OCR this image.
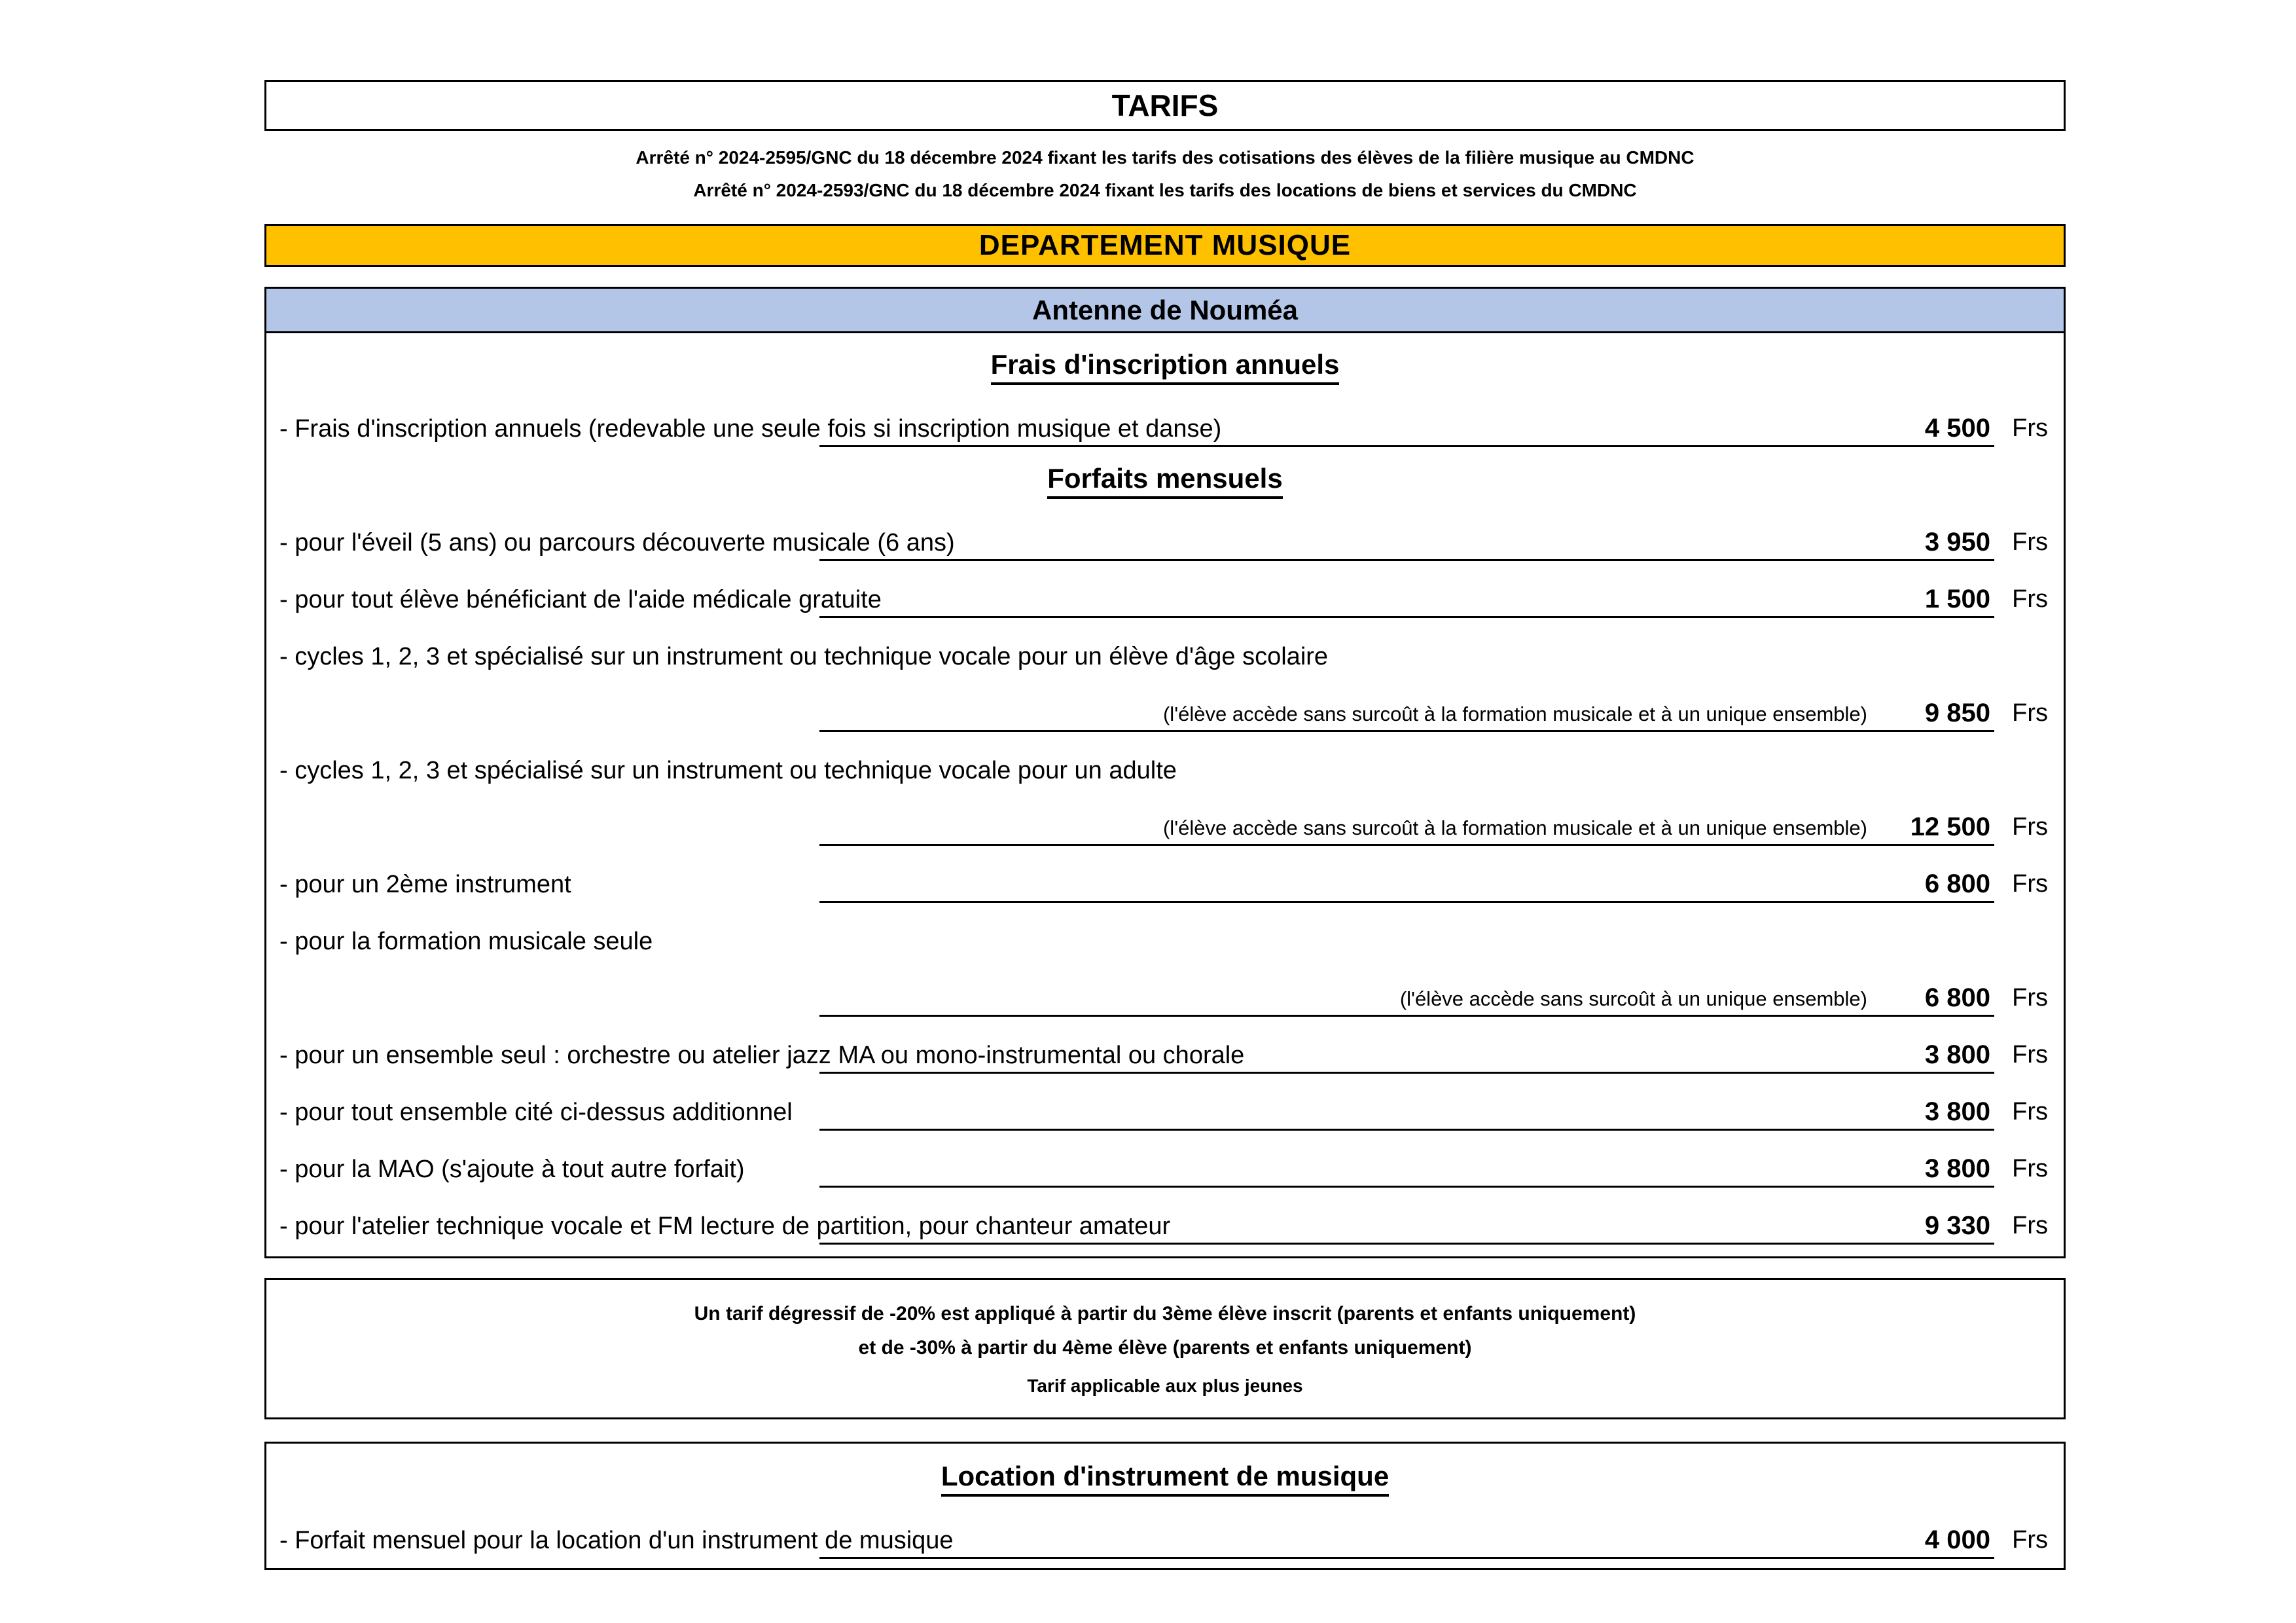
TARIFS
Arrêté n° 2024-2595/GNC du 18 décembre 2024 fixant les tarifs des cotisations des élèves de la filière musique au CMDNC
Arrêté n° 2024-2593/GNC du 18 décembre 2024 fixant les tarifs des locations de biens et services du CMDNC
DEPARTEMENT MUSIQUE
Antenne de Nouméa
Frais d'inscription annuels
- Frais d'inscription annuels (redevable une seule fois si inscription musique et danse)	4 500 Frs
Forfaits mensuels
- pour l'éveil (5 ans) ou parcours découverte musicale (6 ans)	3 950 Frs
- pour tout élève bénéficiant de l'aide médicale gratuite	1 500 Frs
- cycles 1, 2, 3 et spécialisé sur un instrument ou technique vocale pour un élève d'âge scolaire
(l'élève accède sans surcoût à la formation musicale et à un unique ensemble) 9 850 Frs
- cycles 1, 2, 3 et spécialisé sur un instrument ou technique vocale pour un adulte
(l'élève accède sans surcoût à la formation musicale et à un unique ensemble) 12 500 Frs
- pour un 2ème instrument	6 800 Frs
- pour la formation musicale seule
(l'élève accède sans surcoût à un unique ensemble) 6 800 Frs
- pour un ensemble seul : orchestre ou atelier jazz MA ou mono-instrumental ou chorale	3 800 Frs
- pour tout ensemble cité ci-dessus additionnel	3 800 Frs
- pour la MAO (s'ajoute à tout autre forfait)	3 800 Frs
- pour l'atelier technique vocale et FM lecture de partition, pour chanteur amateur	9 330 Frs
Un tarif dégressif de -20% est appliqué à partir du 3ème élève inscrit (parents et enfants uniquement)
et de -30% à partir du 4ème élève (parents et enfants uniquement)
Tarif applicable aux plus jeunes
Location d'instrument de musique
- Forfait mensuel pour la location d'un instrument de musique	4 000 Frs
